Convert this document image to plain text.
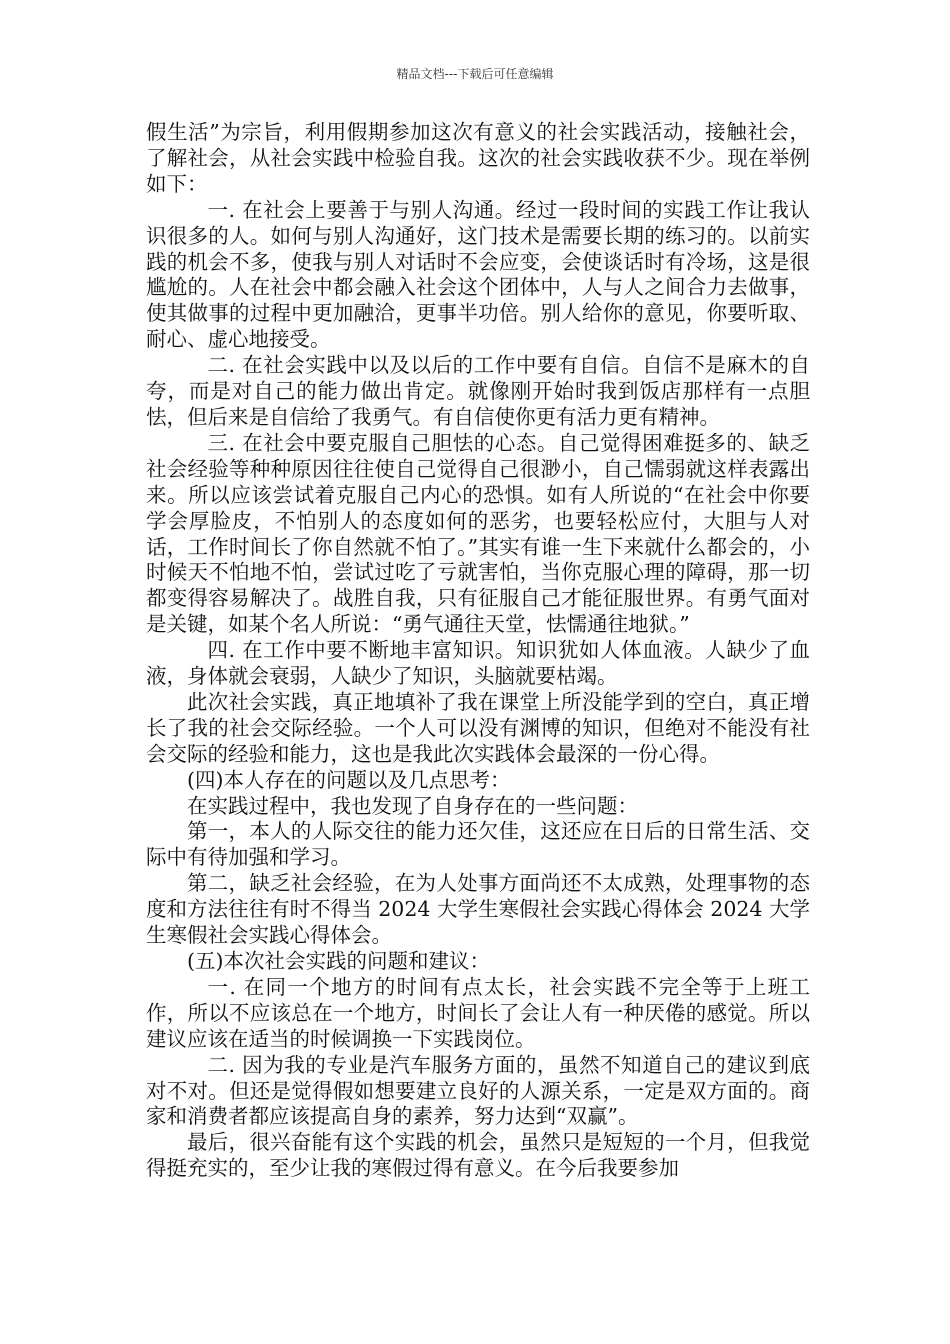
精品文档---下载后可任意编辑

假生活”为宗旨，利用假期参加这次有意义的社会实践活动，接触社会，了解社会，从社会实践中检验自我。这次的社会实践收获不少。现在举例如下：

一. 在社会上要善于与别人沟通。经过一段时间的实践工作让我认识很多的人。如何与别人沟通好，这门技术是需要长期的练习的。以前实践的机会不多，使我与别人对话时不会应变，会使谈话时有冷场，这是很尴尬的。人在社会中都会融入社会这个团体中，人与人之间合力去做事，使其做事的过程中更加融洽，更事半功倍。别人给你的意见，你要听取、耐心、虚心地接受。

二. 在社会实践中以及以后的工作中要有自信。自信不是麻木的自夸，而是对自己的能力做出肯定。就像刚开始时我到饭店那样有一点胆怯，但后来是自信给了我勇气。有自信使你更有活力更有精神。

三. 在社会中要克服自己胆怯的心态。自己觉得困难挺多的、缺乏社会经验等种种原因往往使自己觉得自己很渺小，自己懦弱就这样表露出来。所以应该尝试着克服自己内心的恐惧。如有人所说的“在社会中你要学会厚脸皮，不怕别人的态度如何的恶劣，也要轻松应付，大胆与人对话，工作时间长了你自然就不怕了。”其实有谁一生下来就什么都会的，小时候天不怕地不怕，尝试过吃了亏就害怕，当你克服心理的障碍，那一切都变得容易解决了。战胜自我，只有征服自己才能征服世界。有勇气面对是关键，如某个名人所说：“勇气通往天堂，怯懦通往地狱。”

四. 在工作中要不断地丰富知识。知识犹如人体血液。人缺少了血液，身体就会衰弱，人缺少了知识，头脑就要枯竭。

此次社会实践，真正地填补了我在课堂上所没能学到的空白，真正增长了我的社会交际经验。一个人可以没有渊博的知识，但绝对不能没有社会交际的经验和能力，这也是我此次实践体会最深的一份心得。

(四)本人存在的问题以及几点思考：

在实践过程中，我也发现了自身存在的一些问题：

第一，本人的人际交往的能力还欠佳，这还应在日后的日常生活、交际中有待加强和学习。

第二，缺乏社会经验，在为人处事方面尚还不太成熟，处理事物的态度和方法往往有时不得当 2024 大学生寒假社会实践心得体会 2024 大学生寒假社会实践心得体会。

(五)本次社会实践的问题和建议：

一. 在同一个地方的时间有点太长，社会实践不完全等于上班工作，所以不应该总在一个地方，时间长了会让人有一种厌倦的感觉。所以建议应该在适当的时候调换一下实践岗位。

二. 因为我的专业是汽车服务方面的，虽然不知道自己的建议到底对不对。但还是觉得假如想要建立良好的人源关系，一定是双方面的。商家和消费者都应该提高自身的素养，努力达到“双赢”。

最后，很兴奋能有这个实践的机会，虽然只是短短的一个月，但我觉得挺充实的，至少让我的寒假过得有意义。在今后我要参加
